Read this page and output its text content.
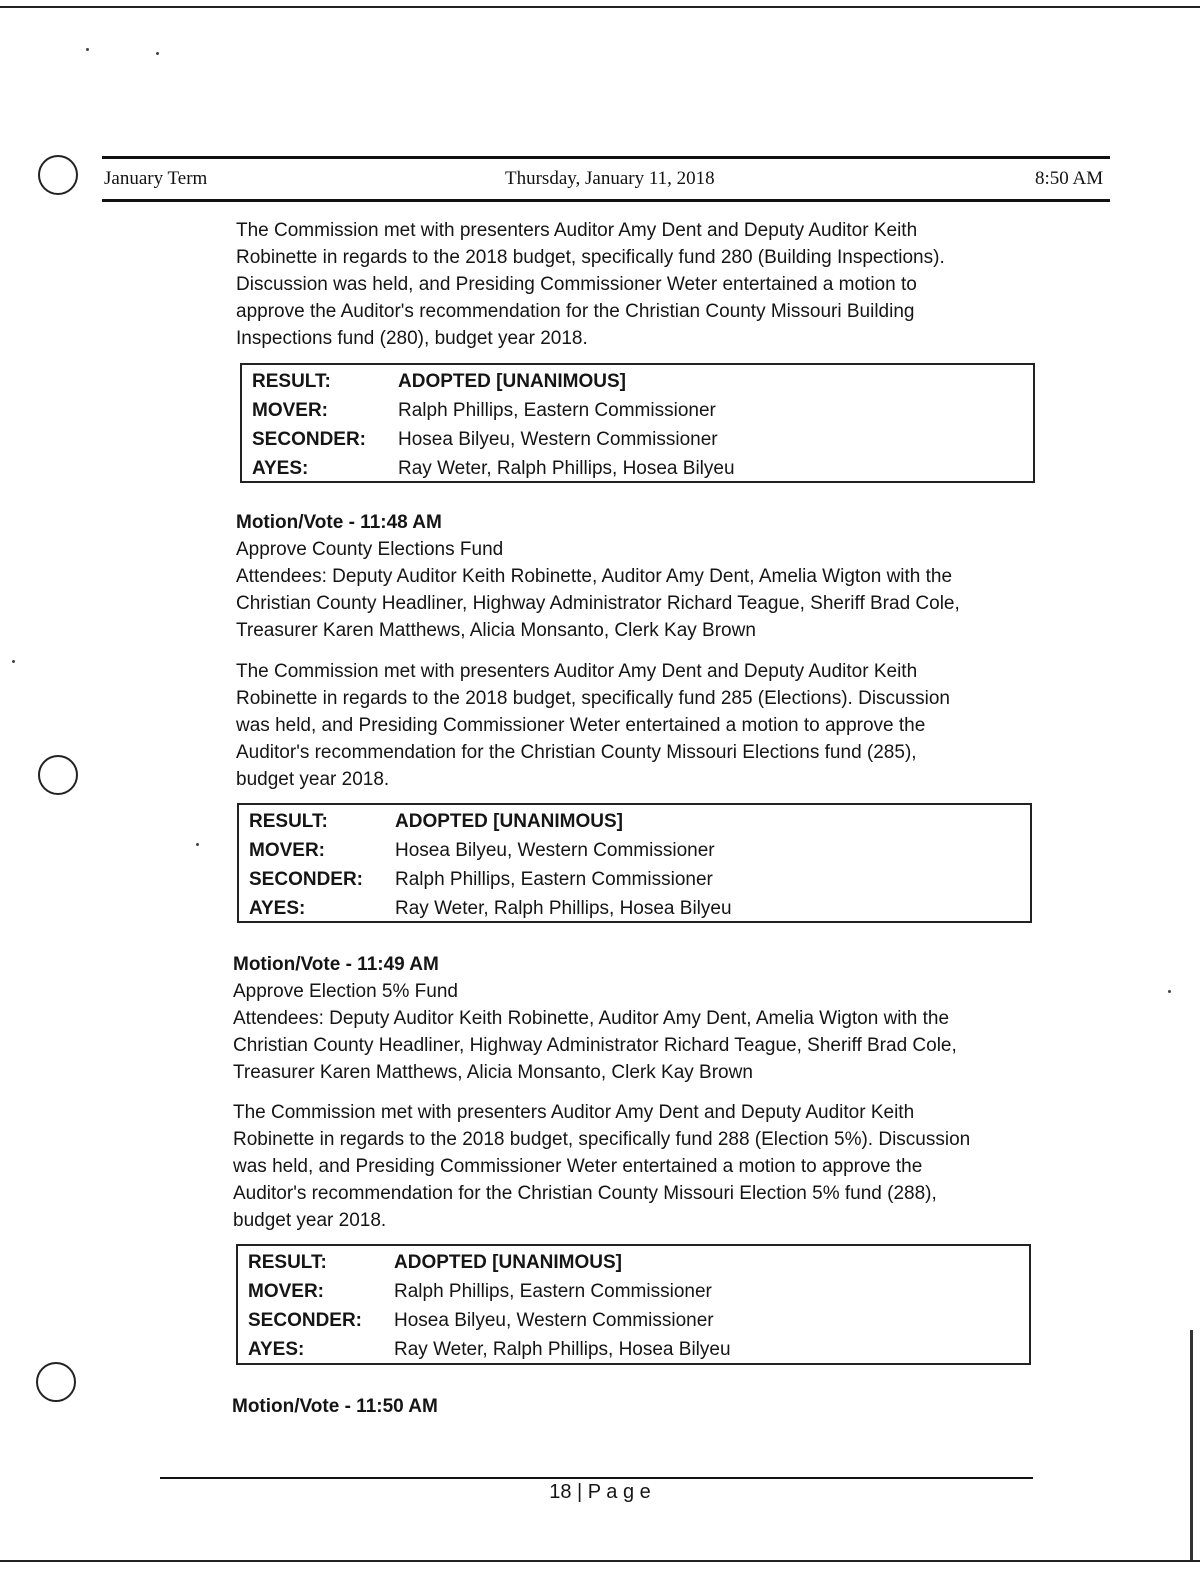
January Term	Thursday, January 11, 2018	8:50 AM

The Commission met with presenters Auditor Amy Dent and Deputy Auditor Keith

Robinette in regards to the 2018 budget, specifically fund 280 (Building Inspections).

Discussion was held, and Presiding Commissioner Weter entertained a motion to

approve the Auditor's recommendation for the Christian County Missouri Building

Inspections fund (280), budget year 2018.

RESULT:	ADOPTED [UNANIMOUS]
MOVER:	Ralph Phillips, Eastern Commissioner
SECONDER:	Hosea Bilyeu, Western Commissioner
AYES:	Ray Weter, Ralph Phillips, Hosea Bilyeu

Motion/Vote - 11:48 AM

Approve County Elections Fund

Attendees: Deputy Auditor Keith Robinette, Auditor Amy Dent, Amelia Wigton with the

Christian County Headliner, Highway Administrator Richard Teague, Sheriff Brad Cole,

Treasurer Karen Matthews, Alicia Monsanto, Clerk Kay Brown

The Commission met with presenters Auditor Amy Dent and Deputy Auditor Keith

Robinette in regards to the 2018 budget, specifically fund 285 (Elections). Discussion

was held, and Presiding Commissioner Weter entertained a motion to approve the

Auditor's recommendation for the Christian County Missouri Elections fund (285),

budget year 2018.

RESULT:	ADOPTED [UNANIMOUS]
MOVER:	Hosea Bilyeu, Western Commissioner
SECONDER:	Ralph Phillips, Eastern Commissioner
AYES:	Ray Weter, Ralph Phillips, Hosea Bilyeu

Motion/Vote - 11:49 AM

Approve Election 5% Fund

Attendees: Deputy Auditor Keith Robinette, Auditor Amy Dent, Amelia Wigton with the

Christian County Headliner, Highway Administrator Richard Teague, Sheriff Brad Cole,

Treasurer Karen Matthews, Alicia Monsanto, Clerk Kay Brown

The Commission met with presenters Auditor Amy Dent and Deputy Auditor Keith

Robinette in regards to the 2018 budget, specifically fund 288 (Election 5%). Discussion

was held, and Presiding Commissioner Weter entertained a motion to approve the

Auditor's recommendation for the Christian County Missouri Election 5% fund (288),

budget year 2018.

RESULT:	ADOPTED [UNANIMOUS]
MOVER:	Ralph Phillips, Eastern Commissioner
SECONDER:	Hosea Bilyeu, Western Commissioner
AYES:	Ray Weter, Ralph Phillips, Hosea Bilyeu

Motion/Vote - 11:50 AM

18 | P a g e
